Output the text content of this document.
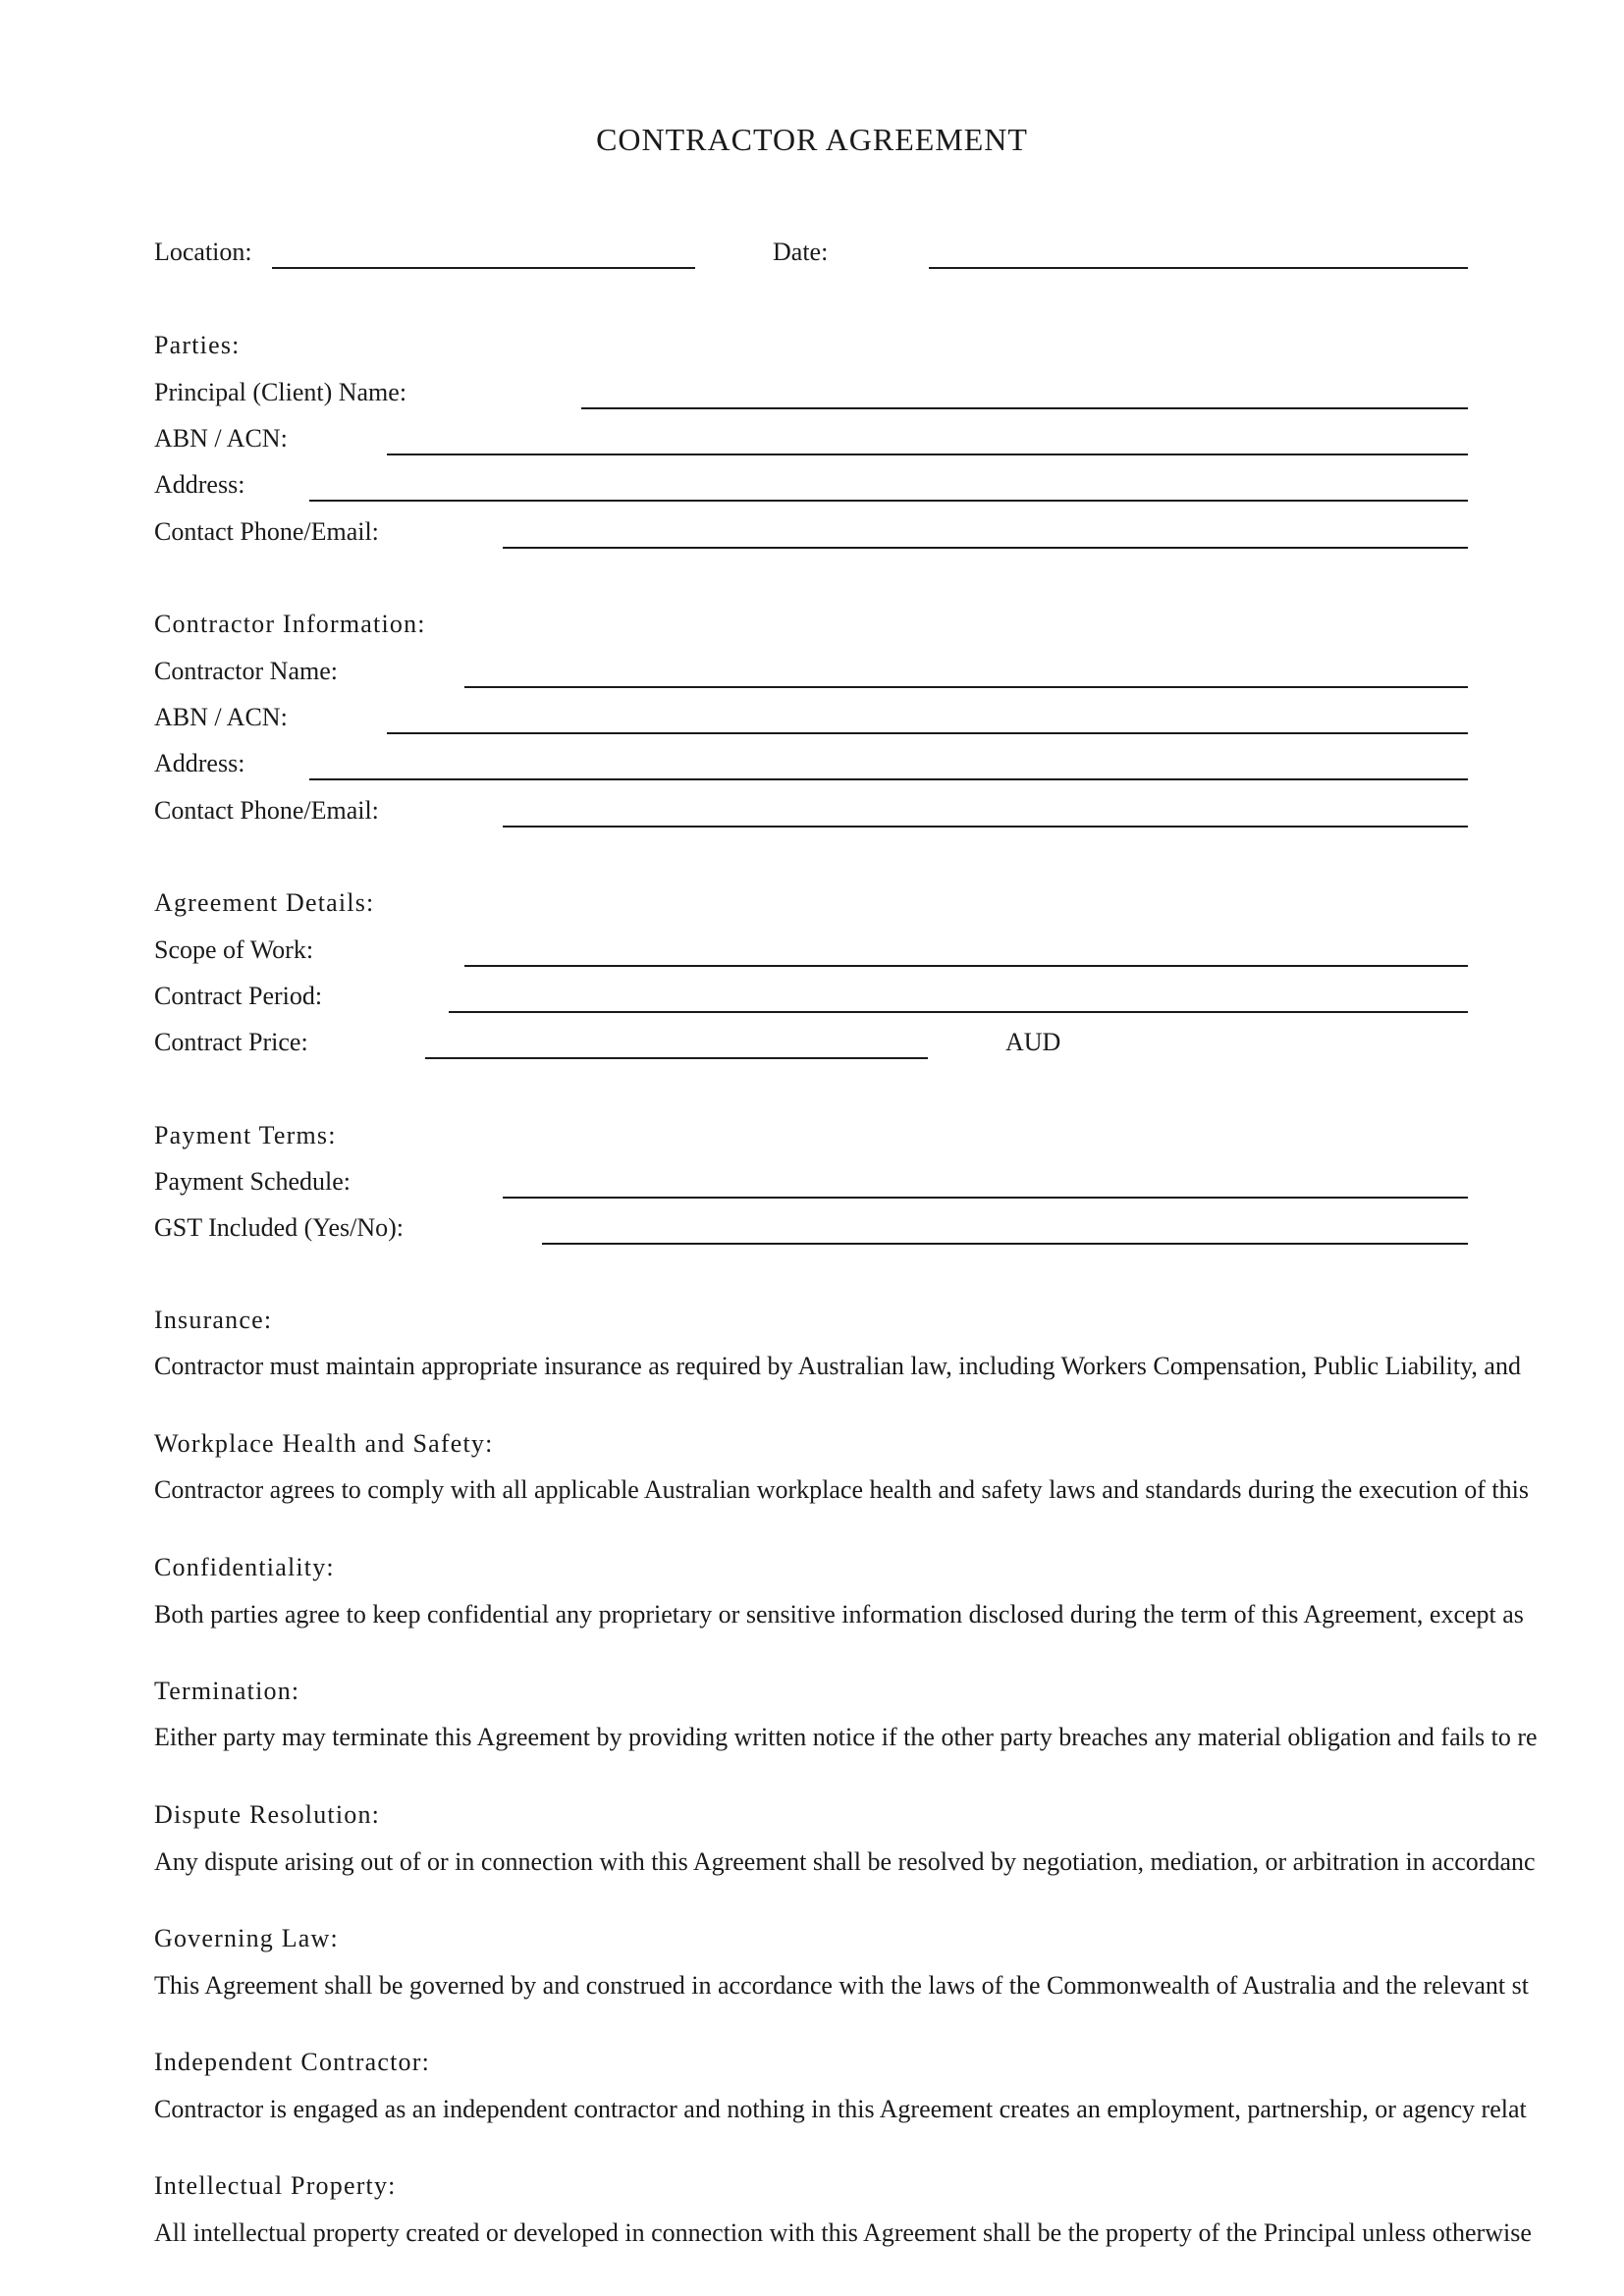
CONTRACTOR AGREEMENT
Location:	Date:
Parties:
Principal (Client) Name:
ABN / ACN:
Address:
Contact Phone/Email:
Contractor Information:
Contractor Name:
ABN / ACN:
Address:
Contact Phone/Email:
Agreement Details:
Scope of Work:
Contract Period:
Contract Price:	AUD
Payment Terms:
Payment Schedule:
GST Included (Yes/No):
Insurance:
Contractor must maintain appropriate insurance as required by Australian law, including Workers Compensation, Public Liability, and
Workplace Health and Safety:
Contractor agrees to comply with all applicable Australian workplace health and safety laws and standards during the execution of this
Confidentiality:
Both parties agree to keep confidential any proprietary or sensitive information disclosed during the term of this Agreement, except as
Termination:
Either party may terminate this Agreement by providing written notice if the other party breaches any material obligation and fails to re
Dispute Resolution:
Any dispute arising out of or in connection with this Agreement shall be resolved by negotiation, mediation, or arbitration in accordanc
Governing Law:
This Agreement shall be governed by and construed in accordance with the laws of the Commonwealth of Australia and the relevant st
Independent Contractor:
Contractor is engaged as an independent contractor and nothing in this Agreement creates an employment, partnership, or agency relat
Intellectual Property:
All intellectual property created or developed in connection with this Agreement shall be the property of the Principal unless otherwise
